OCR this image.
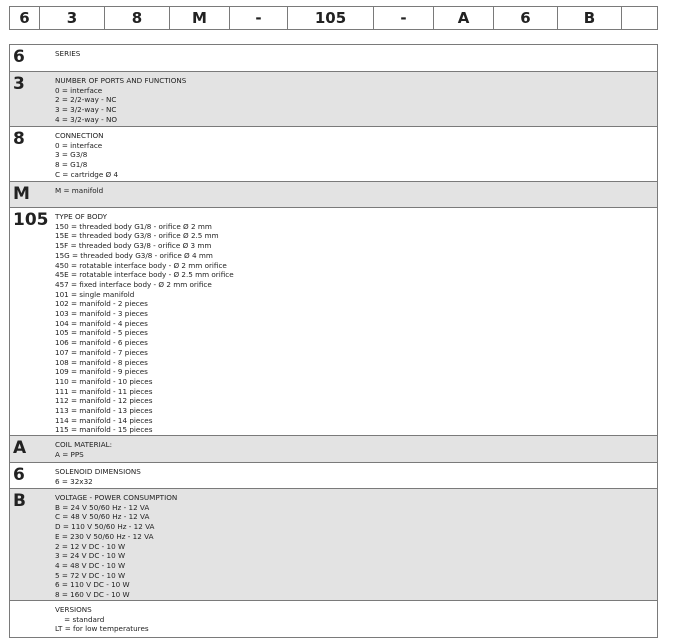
6	3	8	M	-	105	-	A	6	B
6	SERIES
3	NUMBER OF PORTS AND FUNCTIONS
0 = interface
2 = 2/2-way - NC
3 = 3/2-way - NC
4 = 3/2-way - NO
8	CONNECTION
0 = interface
3 = G3/8
8 = G1/8
C = cartridge Ø 4
M	M = manifold
105 TYPE OF BODY
150 = threaded body G1/8 - orifice Ø 2 mm
15E = threaded body G3/8 - orifice Ø 2.5 mm
15F = threaded body G3/8 - orifice Ø 3 mm
15G = threaded body G3/8 - orifice Ø 4 mm
450 = rotatable interface body - Ø 2 mm orifice
45E = rotatable interface body - Ø 2.5 mm orifice
457 = fixed interface body - Ø 2 mm orifice
101 = single manifold
102 = manifold - 2 pieces
103 = manifold - 3 pieces
104 = manifold - 4 pieces
105 = manifold - 5 pieces
106 = manifold - 6 pieces
107 = manifold - 7 pieces
108 = manifold - 8 pieces
109 = manifold - 9 pieces
110 = manifold - 10 pieces
111 = manifold - 11 pieces
112 = manifold - 12 pieces
113 = manifold - 13 pieces
114 = manifold - 14 pieces
115 = manifold - 15 pieces
A	COIL MATERIAL:
A = PPS
6	SOLENOID DIMENSIONS
6 = 32x32
B	VOLTAGE - POWER CONSUMPTION
B = 24 V 50/60 Hz - 12 VA
C = 48 V 50/60 Hz - 12 VA
D = 110 V 50/60 Hz - 12 VA
E = 230 V 50/60 Hz - 12 VA
2 = 12 V DC - 10 W
3 = 24 V DC - 10 W
4 = 48 V DC - 10 W
5 = 72 V DC - 10 W
6 = 110 V DC - 10 W
8 = 160 V DC - 10 W
VERSIONS
= standard
LT = for low temperatures
